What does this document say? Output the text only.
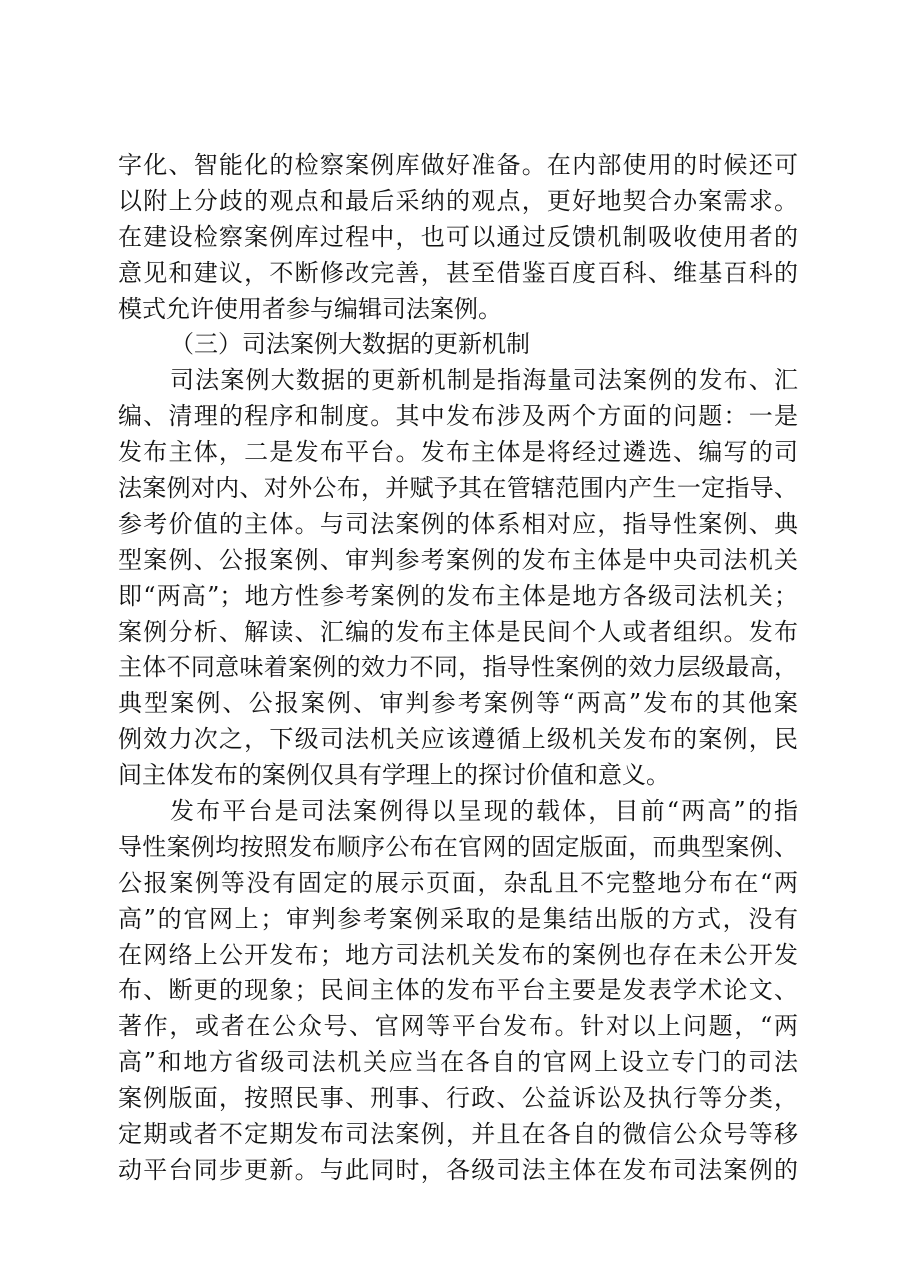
字化、智能化的检察案例库做好准备。在内部使用的时候还可
以附上分歧的观点和最后采纳的观点，更好地契合办案需求。
在建设检察案例库过程中，也可以通过反馈机制吸收使用者的
意见和建议，不断修改完善，甚至借鉴百度百科、维基百科的
模式允许使用者参与编辑司法案例。
（三）司法案例大数据的更新机制
司法案例大数据的更新机制是指海量司法案例的发布、汇
编、清理的程序和制度。其中发布涉及两个方面的问题：一是
发布主体，二是发布平台。发布主体是将经过遴选、编写的司
法案例对内、对外公布，并赋予其在管辖范围内产生一定指导、
参考价值的主体。与司法案例的体系相对应，指导性案例、典
型案例、公报案例、审判参考案例的发布主体是中央司法机关
即“两高”；地方性参考案例的发布主体是地方各级司法机关；
案例分析、解读、汇编的发布主体是民间个人或者组织。发布
主体不同意味着案例的效力不同，指导性案例的效力层级最高，
典型案例、公报案例、审判参考案例等“两高”发布的其他案
例效力次之，下级司法机关应该遵循上级机关发布的案例，民
间主体发布的案例仅具有学理上的探讨价值和意义。
发布平台是司法案例得以呈现的载体，目前“两高”的指
导性案例均按照发布顺序公布在官网的固定版面，而典型案例、
公报案例等没有固定的展示页面，杂乱且不完整地分布在“两
高”的官网上；审判参考案例采取的是集结出版的方式，没有
在网络上公开发布；地方司法机关发布的案例也存在未公开发
布、断更的现象；民间主体的发布平台主要是发表学术论文、
著作，或者在公众号、官网等平台发布。针对以上问题，“两
高”和地方省级司法机关应当在各自的官网上设立专门的司法
案例版面，按照民事、刑事、行政、公益诉讼及执行等分类，
定期或者不定期发布司法案例，并且在各自的微信公众号等移
动平台同步更新。与此同时，各级司法主体在发布司法案例的
